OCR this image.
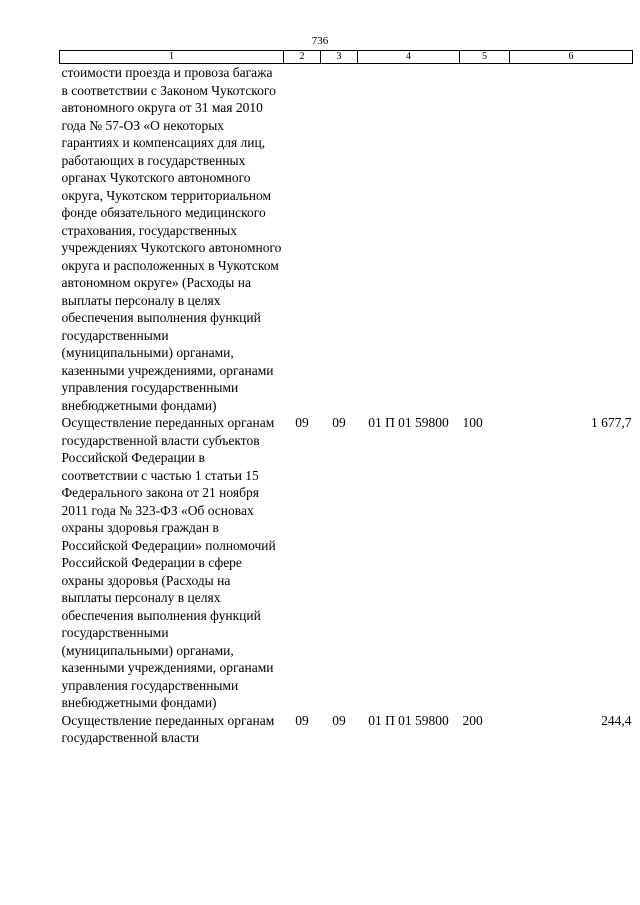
736
1	2	3	4	5	6
стоимости проезда и провоза багажа в соответствии с Законом Чукотского автономного округа от 31 мая 2010 года № 57-ОЗ «О некоторых гарантиях и компенсациях для лиц, работающих в государственных органах Чукотского автономного округа, Чукотском территориальном фонде обязательного медицинского страхования, государственных учреждениях Чукотского автономного округа и расположенных в Чукотском автономном округе» (Расходы на выплаты персоналу в целях обеспечения выполнения функций государственными (муниципальными) органами, казенными учреждениями, органами управления государственными внебюджетными фондами)					
Осуществление переданных органам государственной власти субъектов Российской Федерации в соответствии с частью 1 статьи 15 Федерального закона от 21 ноября 2011 года № 323-ФЗ «Об основах охраны здоровья граждан в Российской Федерации» полномочий Российской Федерации в сфере охраны здоровья (Расходы на выплаты персоналу в целях обеспечения выполнения функций государственными (муниципальными) органами, казенными учреждениями, органами управления государственными внебюджетными фондами)	09	09	01 П 01 59800	100	1 677,7
Осуществление переданных органам государственной власти	09	09	01 П 01 59800	200	244,4
